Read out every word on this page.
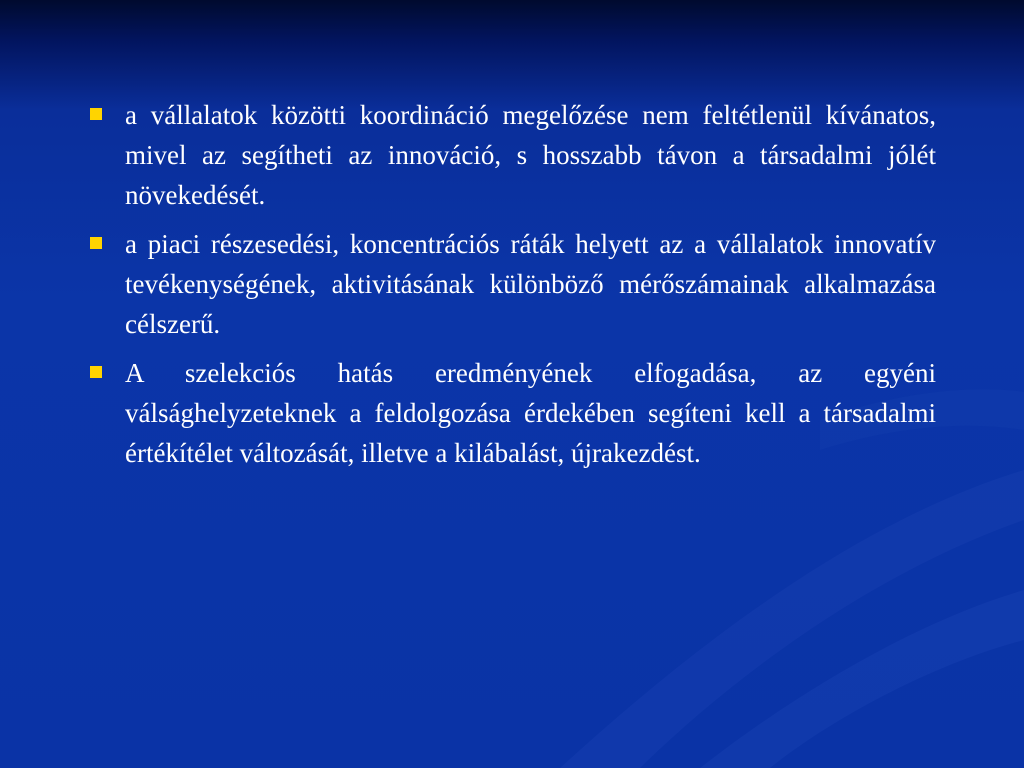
a vállalatok közötti koordináció megelőzése nem feltétlenül kívánatos, mivel az segítheti az innováció, s hosszabb távon a társadalmi jólét növekedését.
a piaci részesedési, koncentrációs ráták helyett az a vállalatok innovatív tevékenységének, aktivitásának különböző mérőszámainak alkalmazása célszerű.
A szelekciós hatás eredményének elfogadása, az egyéni válsághelyzeteknek a feldolgozása érdekében segíteni kell a társadalmi értékítélet változását, illetve a kilábalást, újrakezdést.
